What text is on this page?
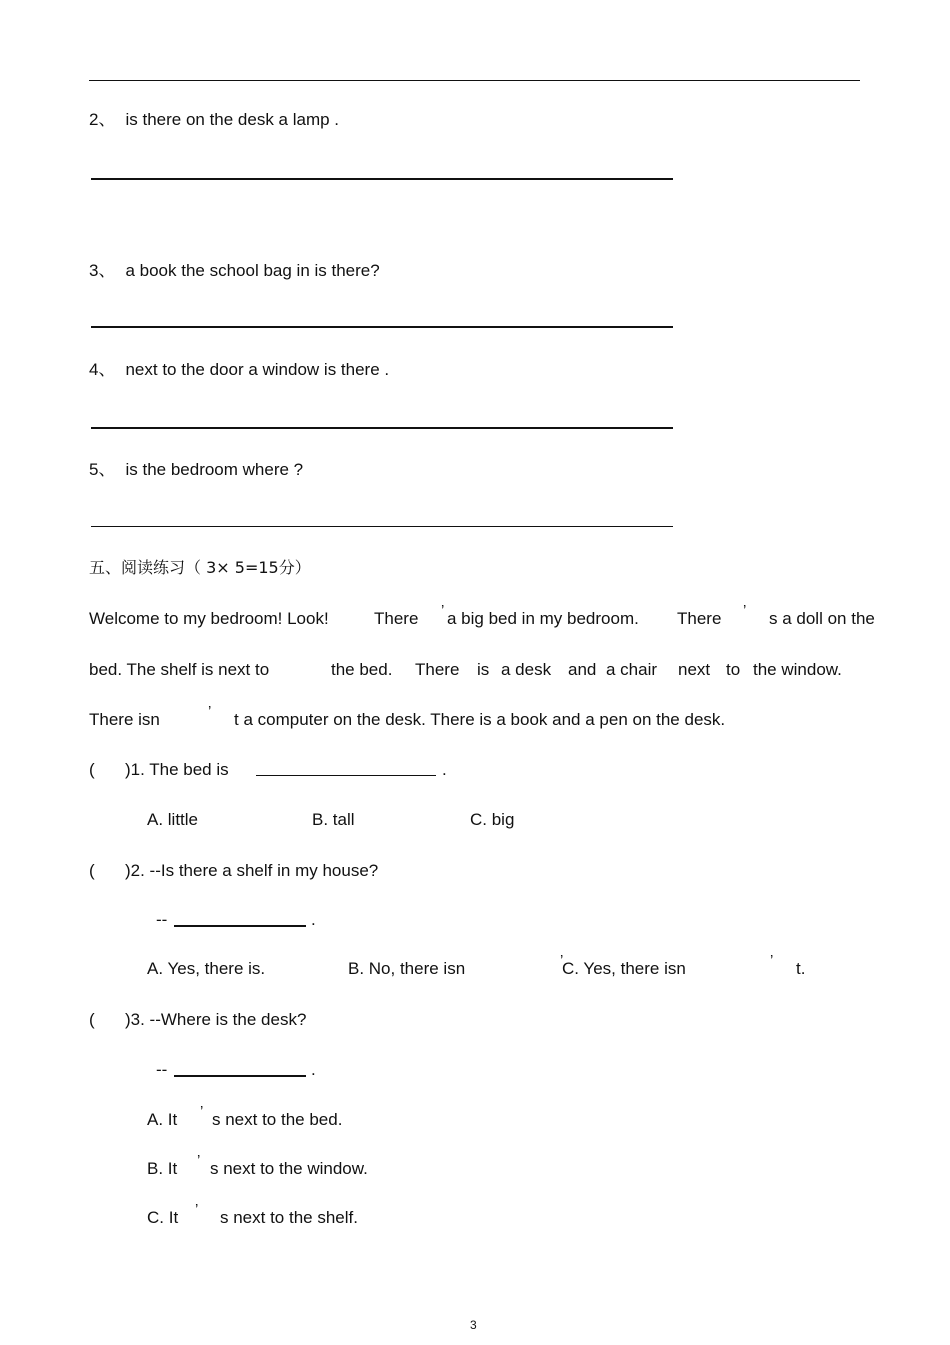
2、 is there on the desk a lamp .
3、 a book the school bag in is there?
4、 next to the door a window is there .
5、 is the bedroom where ?
五、阅读练习（ 3× 5=15分）
Welcome to my bedroom! Look!	There ’ a big bed in my bedroom. There ’ s a doll on the
bed. The shelf is next to	the bed. There is a desk and a chair next to the window.
There isn	’ t a computer on the desk. There is a book and a pen on the desk.
( )1. The bed is	.
A. little	B. tall	C. big
( )2. --Is there a shelf in my house?
--	.
A. Yes, there is.	B. No, there isn	’
C. Yes, there isn	’ t.
( )3. --Where is the desk?
--	.
A. It ’ s next to the bed.
B. It ’ s next to the window.
C. It ’ s next to the shelf.
3
